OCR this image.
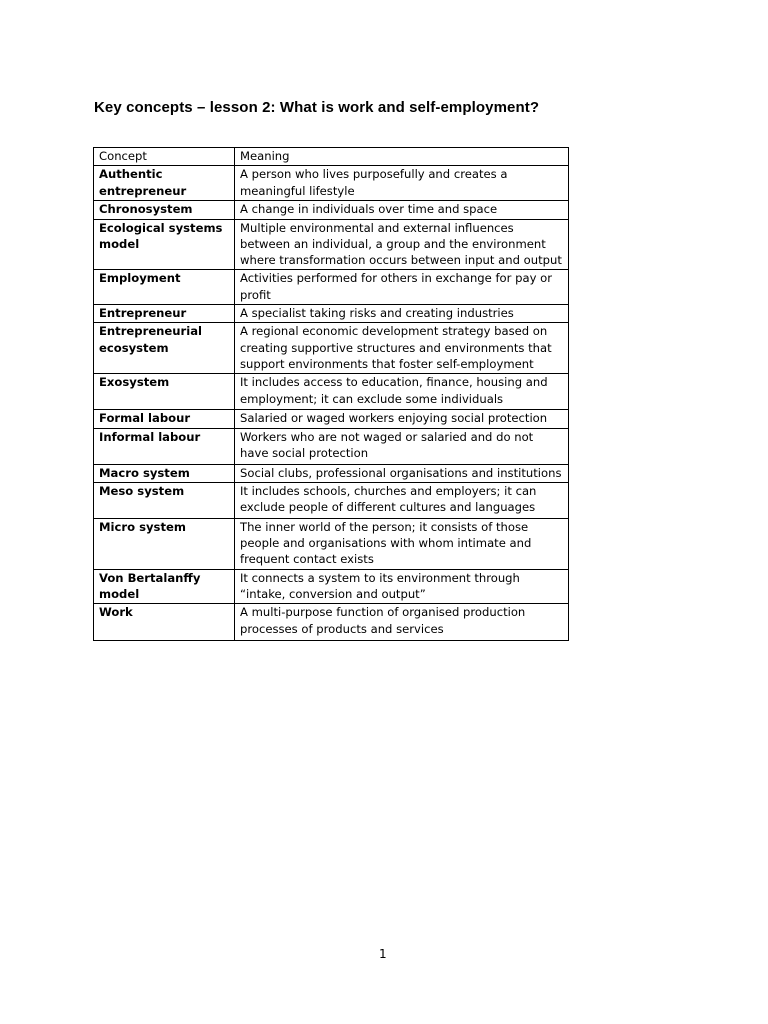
Key concepts – lesson 2: What is work and self-employment?
Concept	Meaning
Authentic entrepreneur	A person who lives purposefully and creates a meaningful lifestyle
Chronosystem	A change in individuals over time and space
Ecological systems model	Multiple environmental and external influences between an individual, a group and the environment where transformation occurs between input and output
Employment	Activities performed for others in exchange for pay or profit
Entrepreneur	A specialist taking risks and creating industries
Entrepreneurial ecosystem	A regional economic development strategy based on creating supportive structures and environments that support environments that foster self-employment
Exosystem	It includes access to education, finance, housing and employment; it can exclude some individuals
Formal labour	Salaried or waged workers enjoying social protection
Informal labour	Workers who are not waged or salaried and do not have social protection
Macro system	Social clubs, professional organisations and institutions
Meso system	It includes schools, churches and employers; it can exclude people of different cultures and languages
Micro system	The inner world of the person; it consists of those people and organisations with whom intimate and frequent contact exists
Von Bertalanffy model	It connects a system to its environment through “intake, conversion and output”
Work	A multi-purpose function of organised production processes of products and services
1
